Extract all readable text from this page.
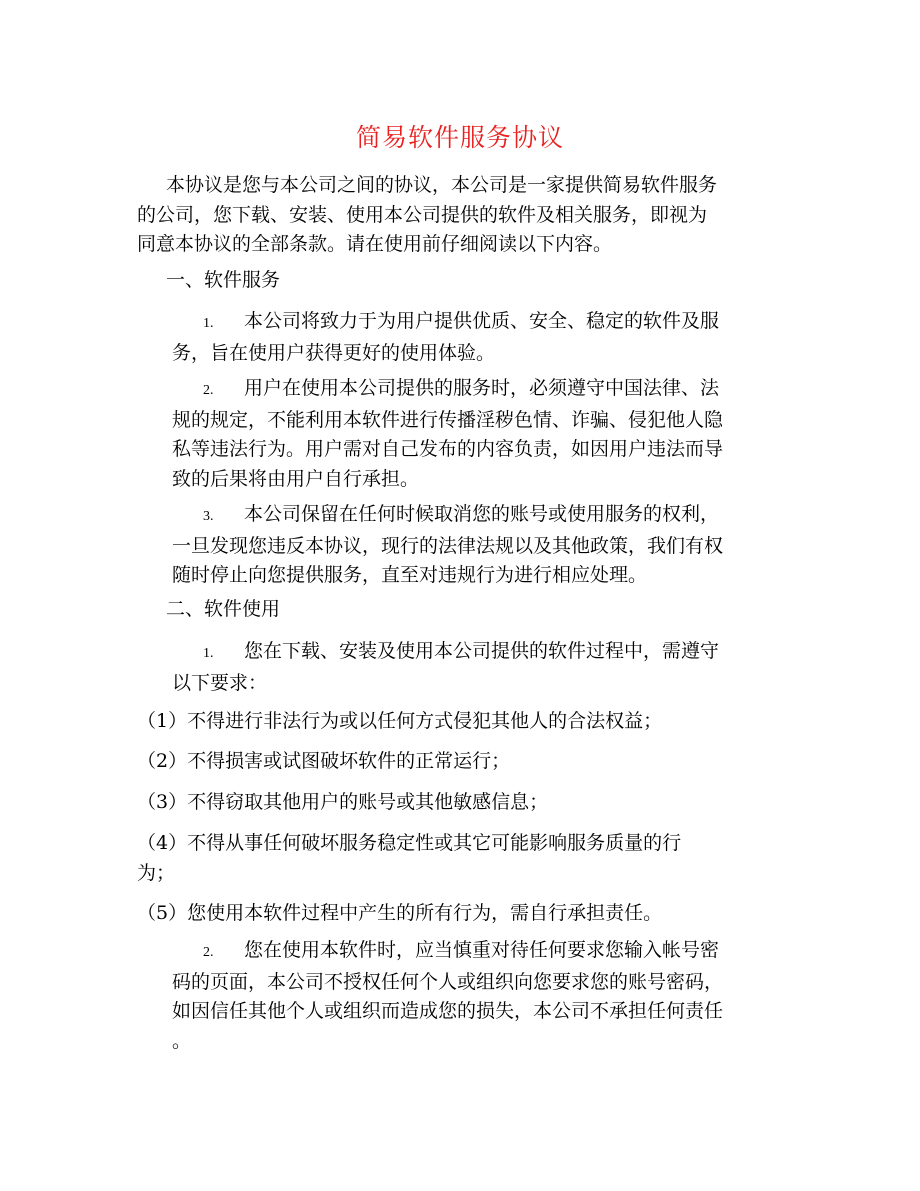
简易软件服务协议
本协议是您与本公司之间的协议，本公司是一家提供简易软件服务
的公司，您下载、安装、使用本公司提供的软件及相关服务，即视为
同意本协议的全部条款。请在使用前仔细阅读以下内容。
一、软件服务
1. 本公司将致力于为用户提供优质、安全、稳定的软件及服
务，旨在使用户获得更好的使用体验。
2. 用户在使用本公司提供的服务时，必须遵守中国法律、法
规的规定，不能利用本软件进行传播淫秽色情、诈骗、侵犯他人隐
私等违法行为。用户需对自己发布的内容负责，如因用户违法而导
致的后果将由用户自行承担。
3. 本公司保留在任何时候取消您的账号或使用服务的权利，
一旦发现您违反本协议，现行的法律法规以及其他政策，我们有权
随时停止向您提供服务，直至对违规行为进行相应处理。
二、软件使用
1. 您在下载、安装及使用本公司提供的软件过程中，需遵守
以下要求：
（1）不得进行非法行为或以任何方式侵犯其他人的合法权益；
（2）不得损害或试图破坏软件的正常运行；
（3）不得窃取其他用户的账号或其他敏感信息；
（4）不得从事任何破坏服务稳定性或其它可能影响服务质量的行
为；
（5）您使用本软件过程中产生的所有行为，需自行承担责任。
2. 您在使用本软件时，应当慎重对待任何要求您输入帐号密
码的页面，本公司不授权任何个人或组织向您要求您的账号密码，
如因信任其他个人或组织而造成您的损失，本公司不承担任何责任
。
